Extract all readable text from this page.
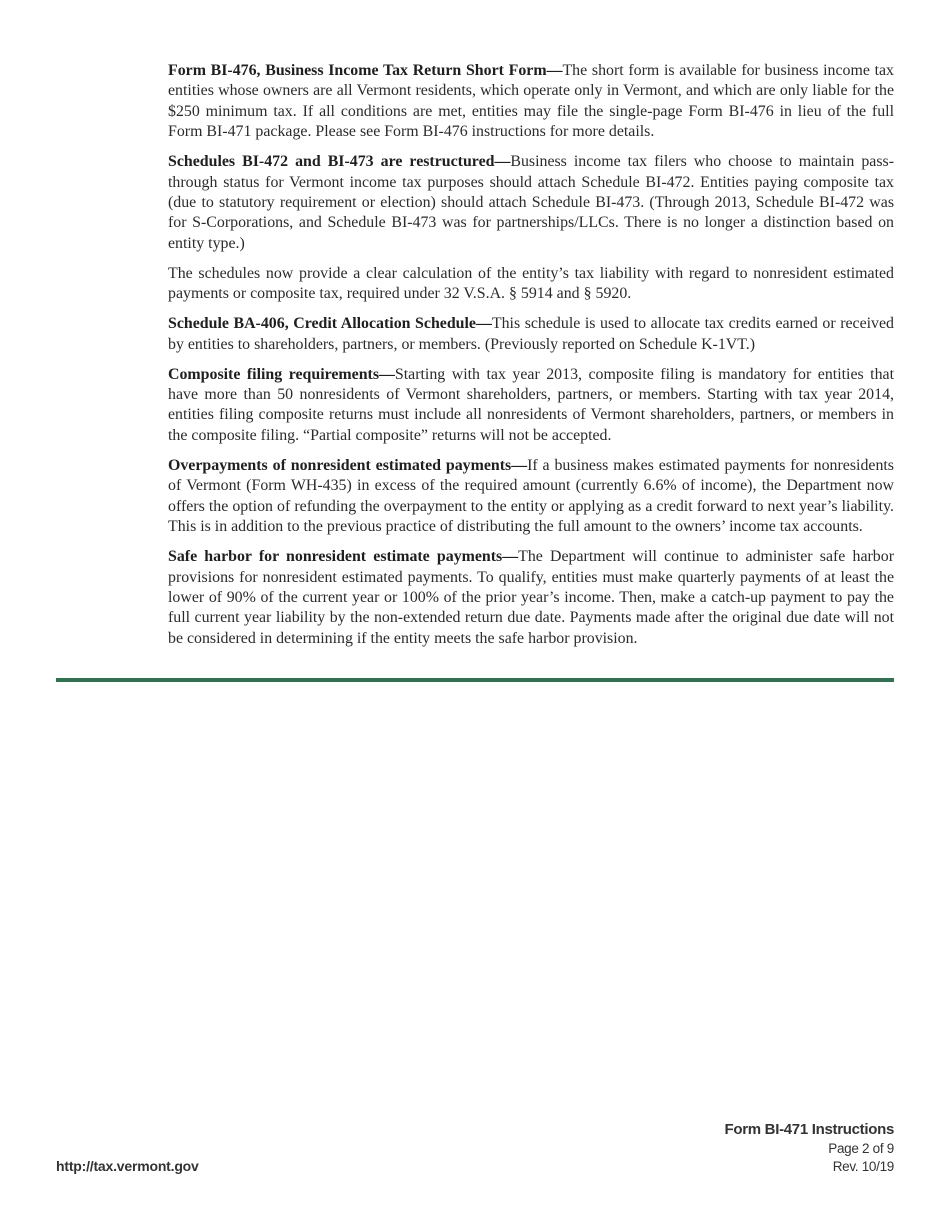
Form BI-476, Business Income Tax Return Short Form—The short form is available for business income tax entities whose owners are all Vermont residents, which operate only in Vermont, and which are only liable for the $250 minimum tax. If all conditions are met, entities may file the single-page Form BI-476 in lieu of the full Form BI-471 package. Please see Form BI-476 instructions for more details.

Schedules BI-472 and BI-473 are restructured—Business income tax filers who choose to maintain pass-through status for Vermont income tax purposes should attach Schedule BI-472. Entities paying composite tax (due to statutory requirement or election) should attach Schedule BI-473. (Through 2013, Schedule BI-472 was for S-Corporations, and Schedule BI-473 was for partnerships/LLCs. There is no longer a distinction based on entity type.)

The schedules now provide a clear calculation of the entity’s tax liability with regard to nonresident estimated payments or composite tax, required under 32 V.S.A. § 5914 and § 5920.

Schedule BA-406, Credit Allocation Schedule—This schedule is used to allocate tax credits earned or received by entities to shareholders, partners, or members. (Previously reported on Schedule K-1VT.)

Composite filing requirements—Starting with tax year 2013, composite filing is mandatory for entities that have more than 50 nonresidents of Vermont shareholders, partners, or members. Starting with tax year 2014, entities filing composite returns must include all nonresidents of Vermont shareholders, partners, or members in the composite filing. “Partial composite” returns will not be accepted.

Overpayments of nonresident estimated payments—If a business makes estimated payments for nonresidents of Vermont (Form WH-435) in excess of the required amount (currently 6.6% of income), the Department now offers the option of refunding the overpayment to the entity or applying as a credit forward to next year’s liability. This is in addition to the previous practice of distributing the full amount to the owners’ income tax accounts.

Safe harbor for nonresident estimate payments—The Department will continue to administer safe harbor provisions for nonresident estimated payments. To qualify, entities must make quarterly payments of at least the lower of 90% of the current year or 100% of the prior year’s income. Then, make a catch-up payment to pay the full current year liability by the non-extended return due date. Payments made after the original due date will not be considered in determining if the entity meets the safe harbor provision.

http://tax.vermont.gov
Form BI-471 Instructions
Page 2 of 9
Rev. 10/19
